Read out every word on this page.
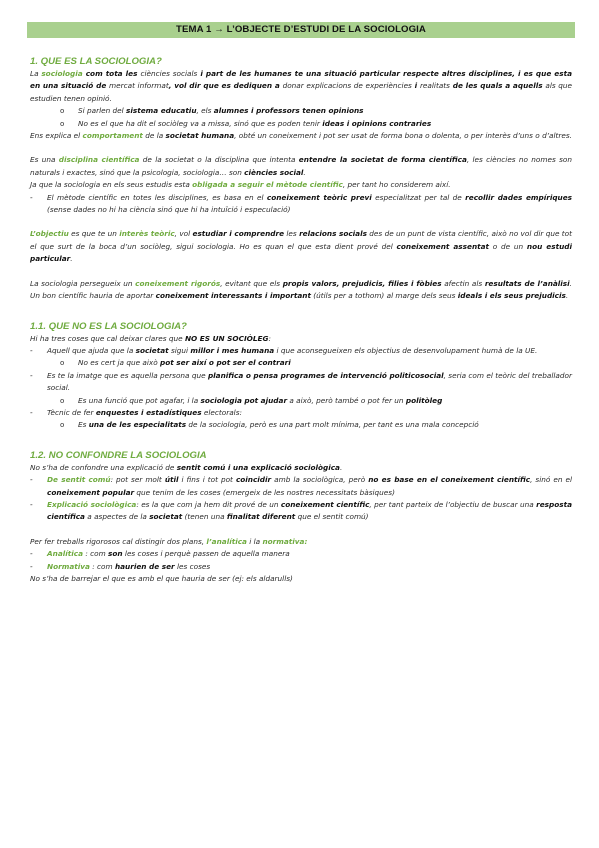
TEMA 1 → L’OBJECTE D’ESTUDI DE LA SOCIOLOGIA
1. QUE ES LA SOCIOLOGIA?

La sociologia com tota les ciències socials i part de les humanes te una situació particular respecte altres disciplines, i es que esta en una situació de mercat informat, vol dir que es dediquen a donar explicacions de experiències i realitats de les quals a aquells als que estudien tenen opinió.

o Si parlen del sistema educatiu, els alumnes i professors tenen opinions

o No es el que ha dit el sociòleg va a missa, sinó que es poden tenir ideas i opinions contraries

Ens explica el comportament de la societat humana, obté un coneixement i pot ser usat de forma bona o dolenta, o per interès d’uns o d’altres.

Es una disciplina científica de la societat o la disciplina que intenta entendre la societat de forma científica, les ciències no nomes son naturals i exactes, sinó que la psicologia, sociologia… son ciències social.

Ja que la sociologia en els seus estudis esta obligada a seguir el mètode científic, per tant ho considerem així.

- El mètode científic en totes les disciplines, es basa en el coneixement teòric previ especialitzat per tal de recollir dades empíriques (sense dades no hi ha ciència sinó que hi ha intuïció i especulació)

L’objectiu es que te un interès teòric, vol estudiar i comprendre les relacions socials des de un punt de vista científic, això no vol dir que tot el que surt de la boca d’un sociòleg, sigui sociologia. Ho es quan el que esta dient prové del coneixement assentat o de un nou estudi particular.

La sociologia persegueix un coneixement rigorós, evitant que els propis valors, prejudicis, filies i fòbies afectin als resultats de l’anàlisi. Un bon científic hauria de aportar coneixement interessants i important (útils per a tothom) al marge dels seus ideals i els seus prejudicis.

1.1. QUE NO ES LA SOCIOLOGIA?

Hi ha tres coses que cal deixar clares que NO ES UN SOCIÒLEG:

- Aquell que ajuda que la societat sigui millor i mes humana i que aconsegueixen els objectius de desenvolupament humà de la UE.

o No es cert ja que això pot ser així o pot ser el contrari

- Es te la imatge que es aquella persona que planifica o pensa programes de intervenció politicosocial, seria com el teòric del treballador social.

o Es una funció que pot agafar, i la sociologia pot ajudar a això, però també o pot fer un politòleg

- Tècnic de fer enquestes i estadístiques electorals:

o Es una de les especialitats de la sociologia, però es una part molt mínima, per tant es una mala concepció

1.2. NO CONFONDRE LA SOCIOLOGIA

No s’ha de confondre una explicació de sentit comú i una explicació sociològica.

- De sentit comú: pot ser molt útil i fins i tot pot coincidir amb la sociològica, però no es base en el coneixement científic, sinó en el coneixement popular que tenim de les coses (emergeix de les nostres necessitats bàsiques)

- Explicació sociològica: es la que com ja hem dit prové de un coneixement científic, per tant parteix de l’objectiu de buscar una resposta científica a aspectes de la societat (tenen una finalitat diferent que el sentit comú)

Per fer treballs rigorosos cal distingir dos plans, l’analítica i la normativa:

- Analítica : com son les coses i perquè passen de aquella manera

- Normativa : com haurien de ser les coses

No s’ha de barrejar el que es amb el que hauria de ser (ej: els aldarulls)
